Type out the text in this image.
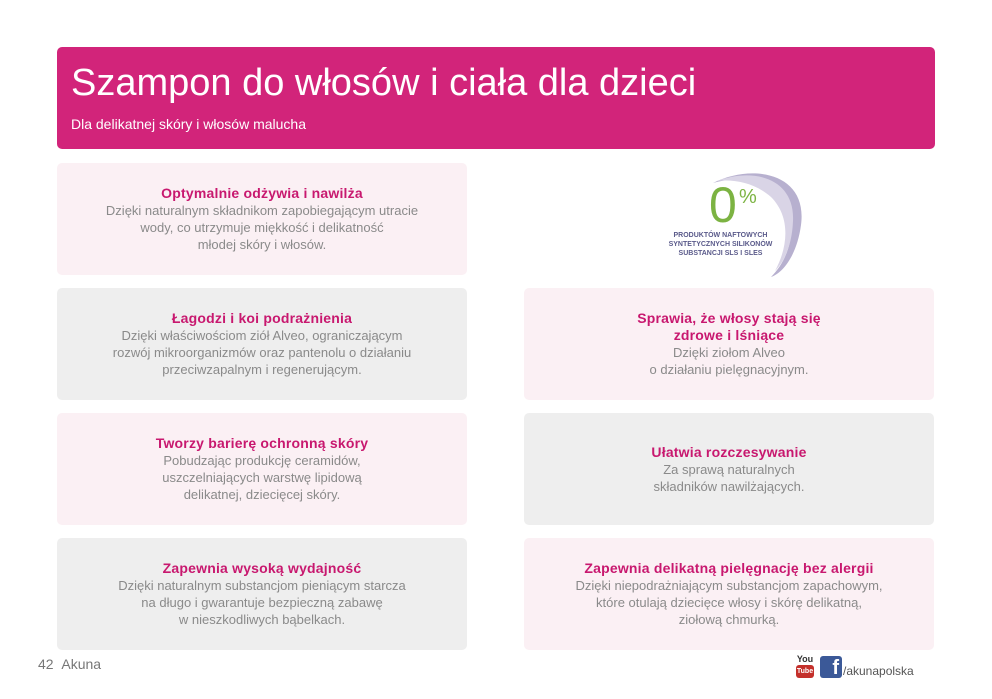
Szampon do włosów i ciała dla dzieci
Dla delikatnej skóry i włosów malucha
Optymalnie odżywia i nawilża
Dzięki naturalnym składnikom zapobiegającym utracie
wody, co utrzymuje miękkość i delikatność
młodej skóry i włosów.
0 %
PRODUKTÓW NAFTOWYCH
SYNTETYCZNYCH SILIKONÓW
SUBSTANCJI SLS I SLES
Łagodzi i koi podrażnienia
Dzięki właściwościom ziół Alveo, ograniczającym
rozwój mikroorganizmów oraz pantenolu o działaniu
przeciwzapalnym i regenerującym.
Sprawia, że włosy stają się
zdrowe i lśniące
Dzięki ziołom Alveo
o działaniu pielęgnacyjnym.
Tworzy barierę ochronną skóry
Pobudzając produkcję ceramidów,
uszczelniających warstwę lipidową
delikatnej, dziecięcej skóry.
Ułatwia rozczesywanie
Za sprawą naturalnych
składników nawilżających.
Zapewnia wysoką wydajność
Dzięki naturalnym substancjom pieniącym starcza
na długo i gwarantuje bezpieczną zabawę
w nieszkodliwych bąbelkach.
Zapewnia delikatną pielęgnację bez alergii
Dzięki niepodrażniającym substancjom zapachowym,
które otulają dziecięce włosy i skórę delikatną,
ziołową chmurką.
42 Akuna	You
Tube f /akunapolska
